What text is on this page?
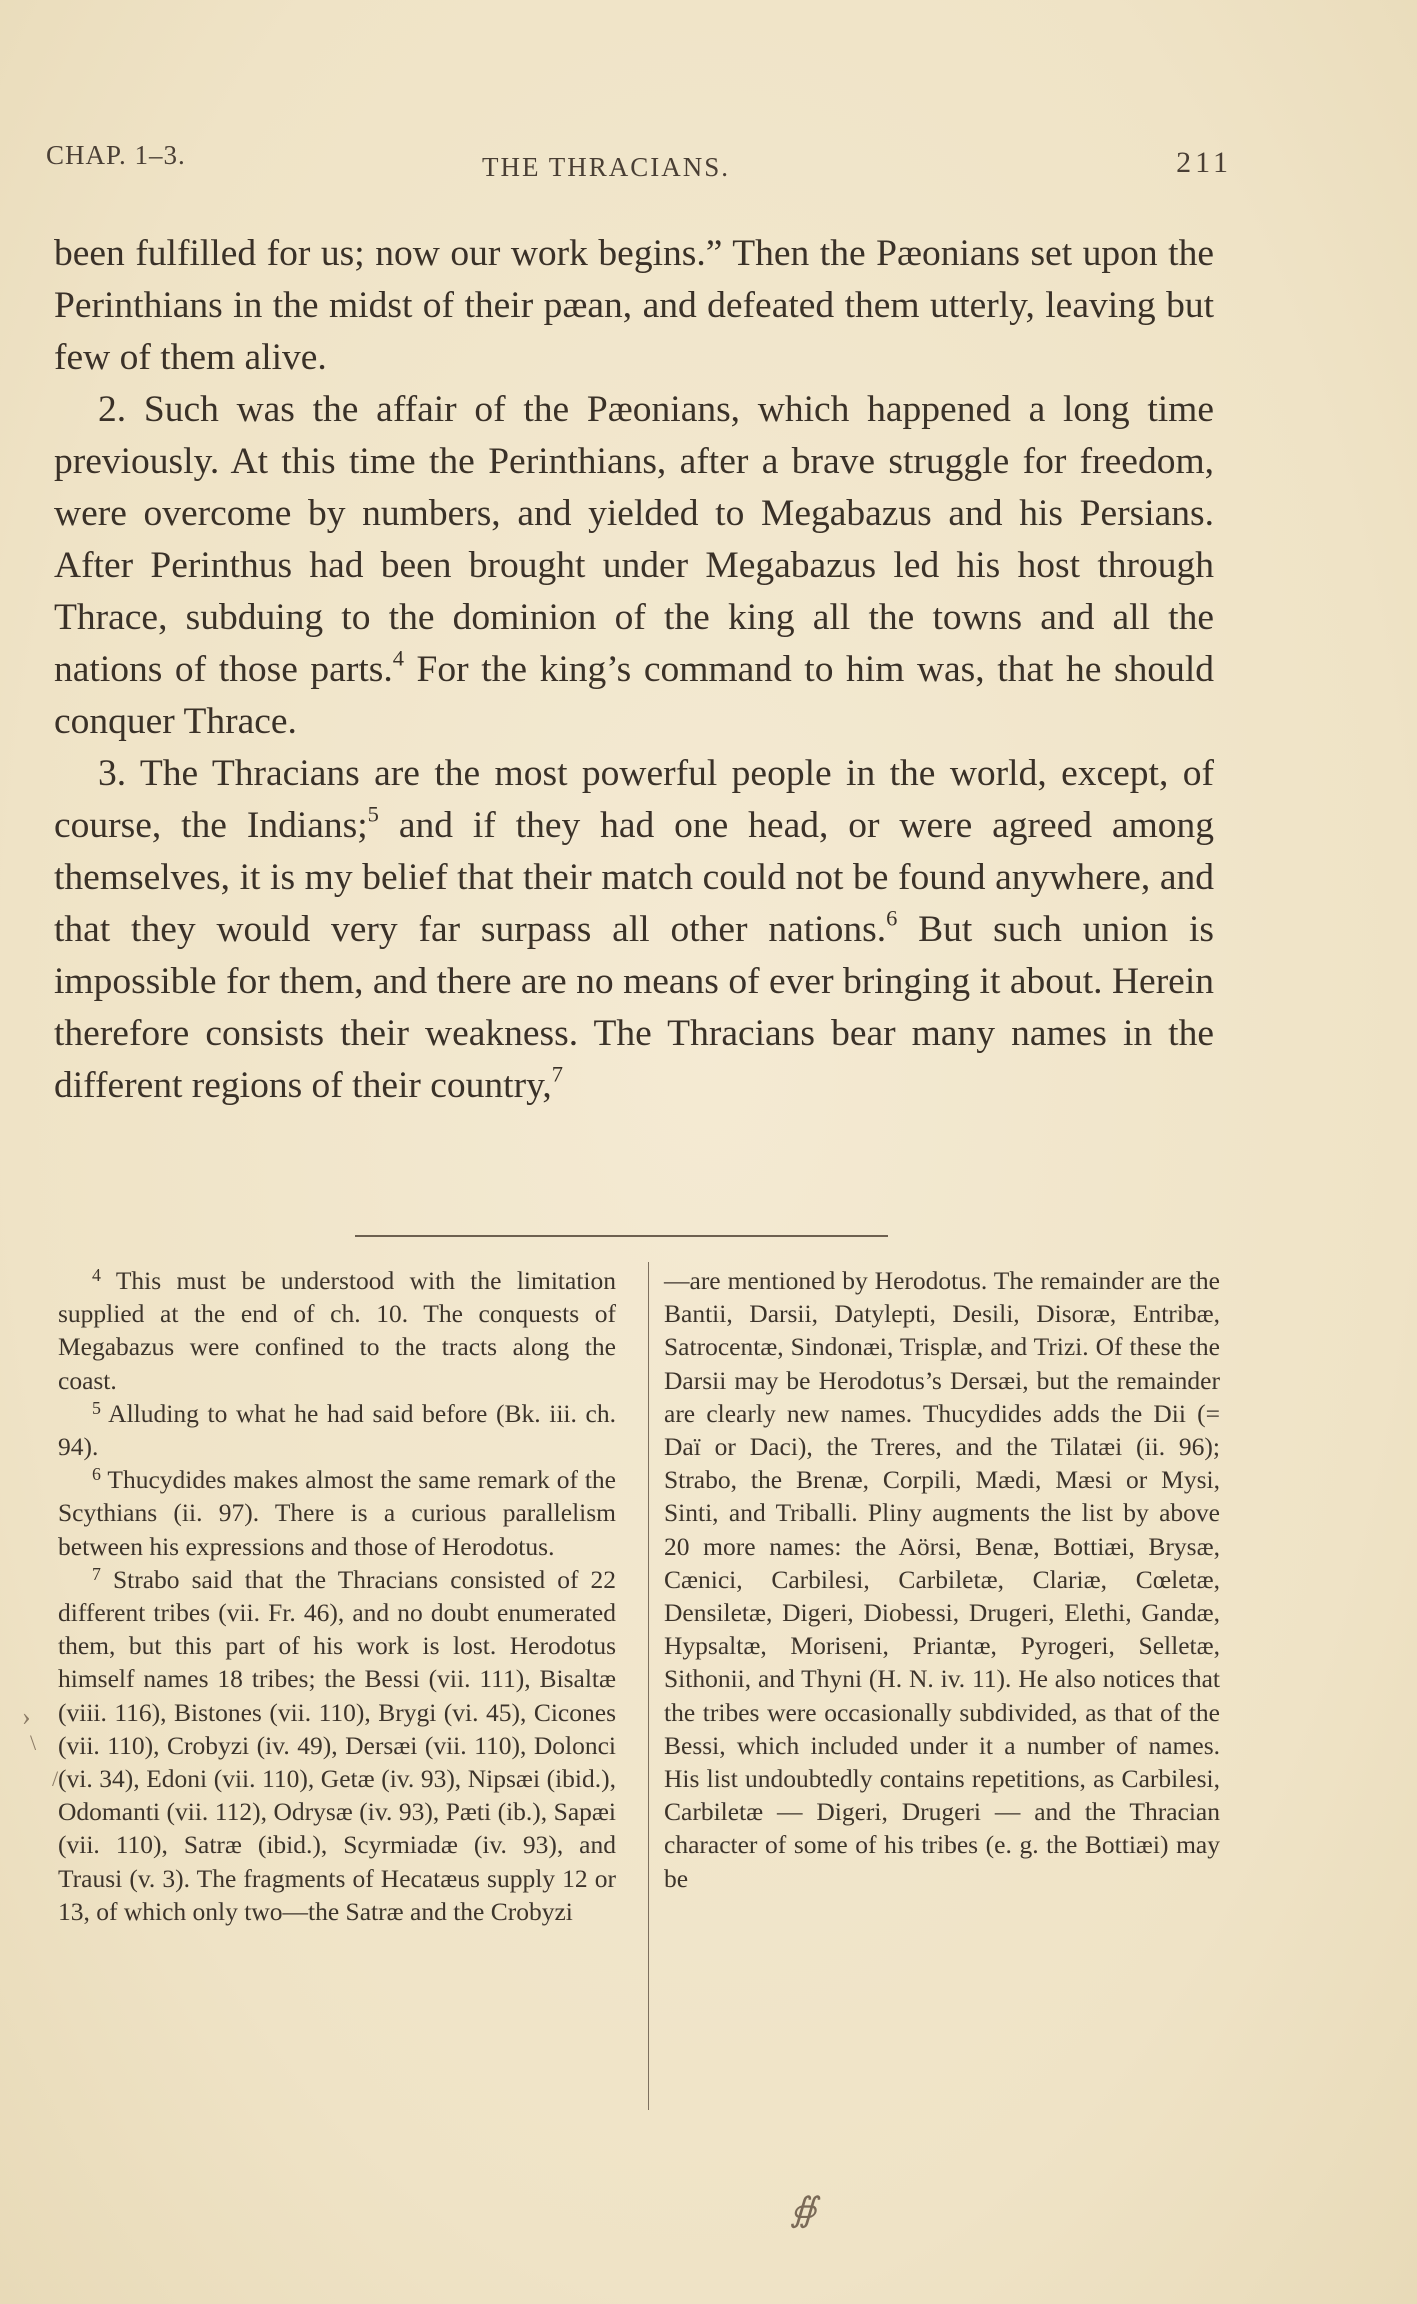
CHAP. 1–3.	THE THRACIANS.	211

been fulfilled for us; now our work begins.” Then the Pæonians set upon the Perinthians in the midst of their pæan, and defeated them utterly, leaving but few of them alive.

2. Such was the affair of the Pæonians, which happened a long time previously. At this time the Perinthians, after a brave struggle for freedom, were overcome by numbers, and yielded to Megabazus and his Persians. After Perinthus had been brought under Megabazus led his host through Thrace, subduing to the dominion of the king all the towns and all the nations of those parts.$^4$ For the king’s command to him was, that he should conquer Thrace.

3. The Thracians are the most powerful people in the world, except, of course, the Indians;$^5$ and if they had one head, or were agreed among themselves, it is my belief that their match could not be found anywhere, and that they would very far surpass all other nations.$^6$ But such union is impossible for them, and there are no means of ever bringing it about. Herein therefore consists their weakness. The Thracians bear many names in the different regions of their country,$^7$

$^4$ This must be understood with the limitation supplied at the end of ch. 10. The conquests of Megabazus were confined to the tracts along the coast.

$^5$ Alluding to what he had said before (Bk. iii. ch. 94).

$^6$ Thucydides makes almost the same remark of the Scythians (ii. 97). There is a curious parallelism between his expressions and those of Herodotus.

$^7$ Strabo said that the Thracians consisted of 22 different tribes (vii. Fr. 46), and no doubt enumerated them, but this part of his work is lost. Herodotus himself names 18 tribes; the Bessi (vii. 111), Bisaltæ (viii. 116), Bistones (vii. 110), Brygi (vi. 45), Cicones (vii. 110), Crobyzi (iv. 49), Dersæi (vii. 110), Dolonci (vi. 34), Edoni (vii. 110), Getæ (iv. 93), Nipsæi (ibid.), Odomanti (vii. 112), Odrysæ (iv. 93), Pæti (ib.), Sapæi (vii. 110), Satræ (ibid.), Scyrmiadæ (iv. 93), and Trausi (v. 3). The fragments of Hecatæus supply 12 or 13, of which only two—the Satræ and the Crobyzi

—are mentioned by Herodotus. The remainder are the Bantii, Darsii, Datylepti, Desili, Disoræ, Entribæ, Satrocentæ, Sindonæi, Trisplæ, and Trizi. Of these the Darsii may be Herodotus’s Dersæi, but the remainder are clearly new names. Thucydides adds the Dii (= Daï or Daci), the Treres, and the Tilatæi (ii. 96); Strabo, the Brenæ, Corpili, Mædi, Mæsi or Mysi, Sinti, and Triballi. Pliny augments the list by above 20 more names: the Aörsi, Benæ, Bottiæi, Brysæ, Cænici, Carbilesi, Carbiletæ, Clariæ, Cœletæ, Densiletæ, Digeri, Diobessi, Drugeri, Elethi, Gandæ, Hypsaltæ, Moriseni, Priantæ, Pyrogeri, Selletæ, Sithonii, and Thyni (H. N. iv. 11). He also notices that the tribes were occasionally subdivided, as that of the Bessi, which included under it a number of names. His list undoubtedly contains repetitions, as Carbilesi, Carbiletæ — Digeri, Drugeri — and the Thracian character of some of his tribes (e. g. the Bottiæi) may be

›
\
/
∯
